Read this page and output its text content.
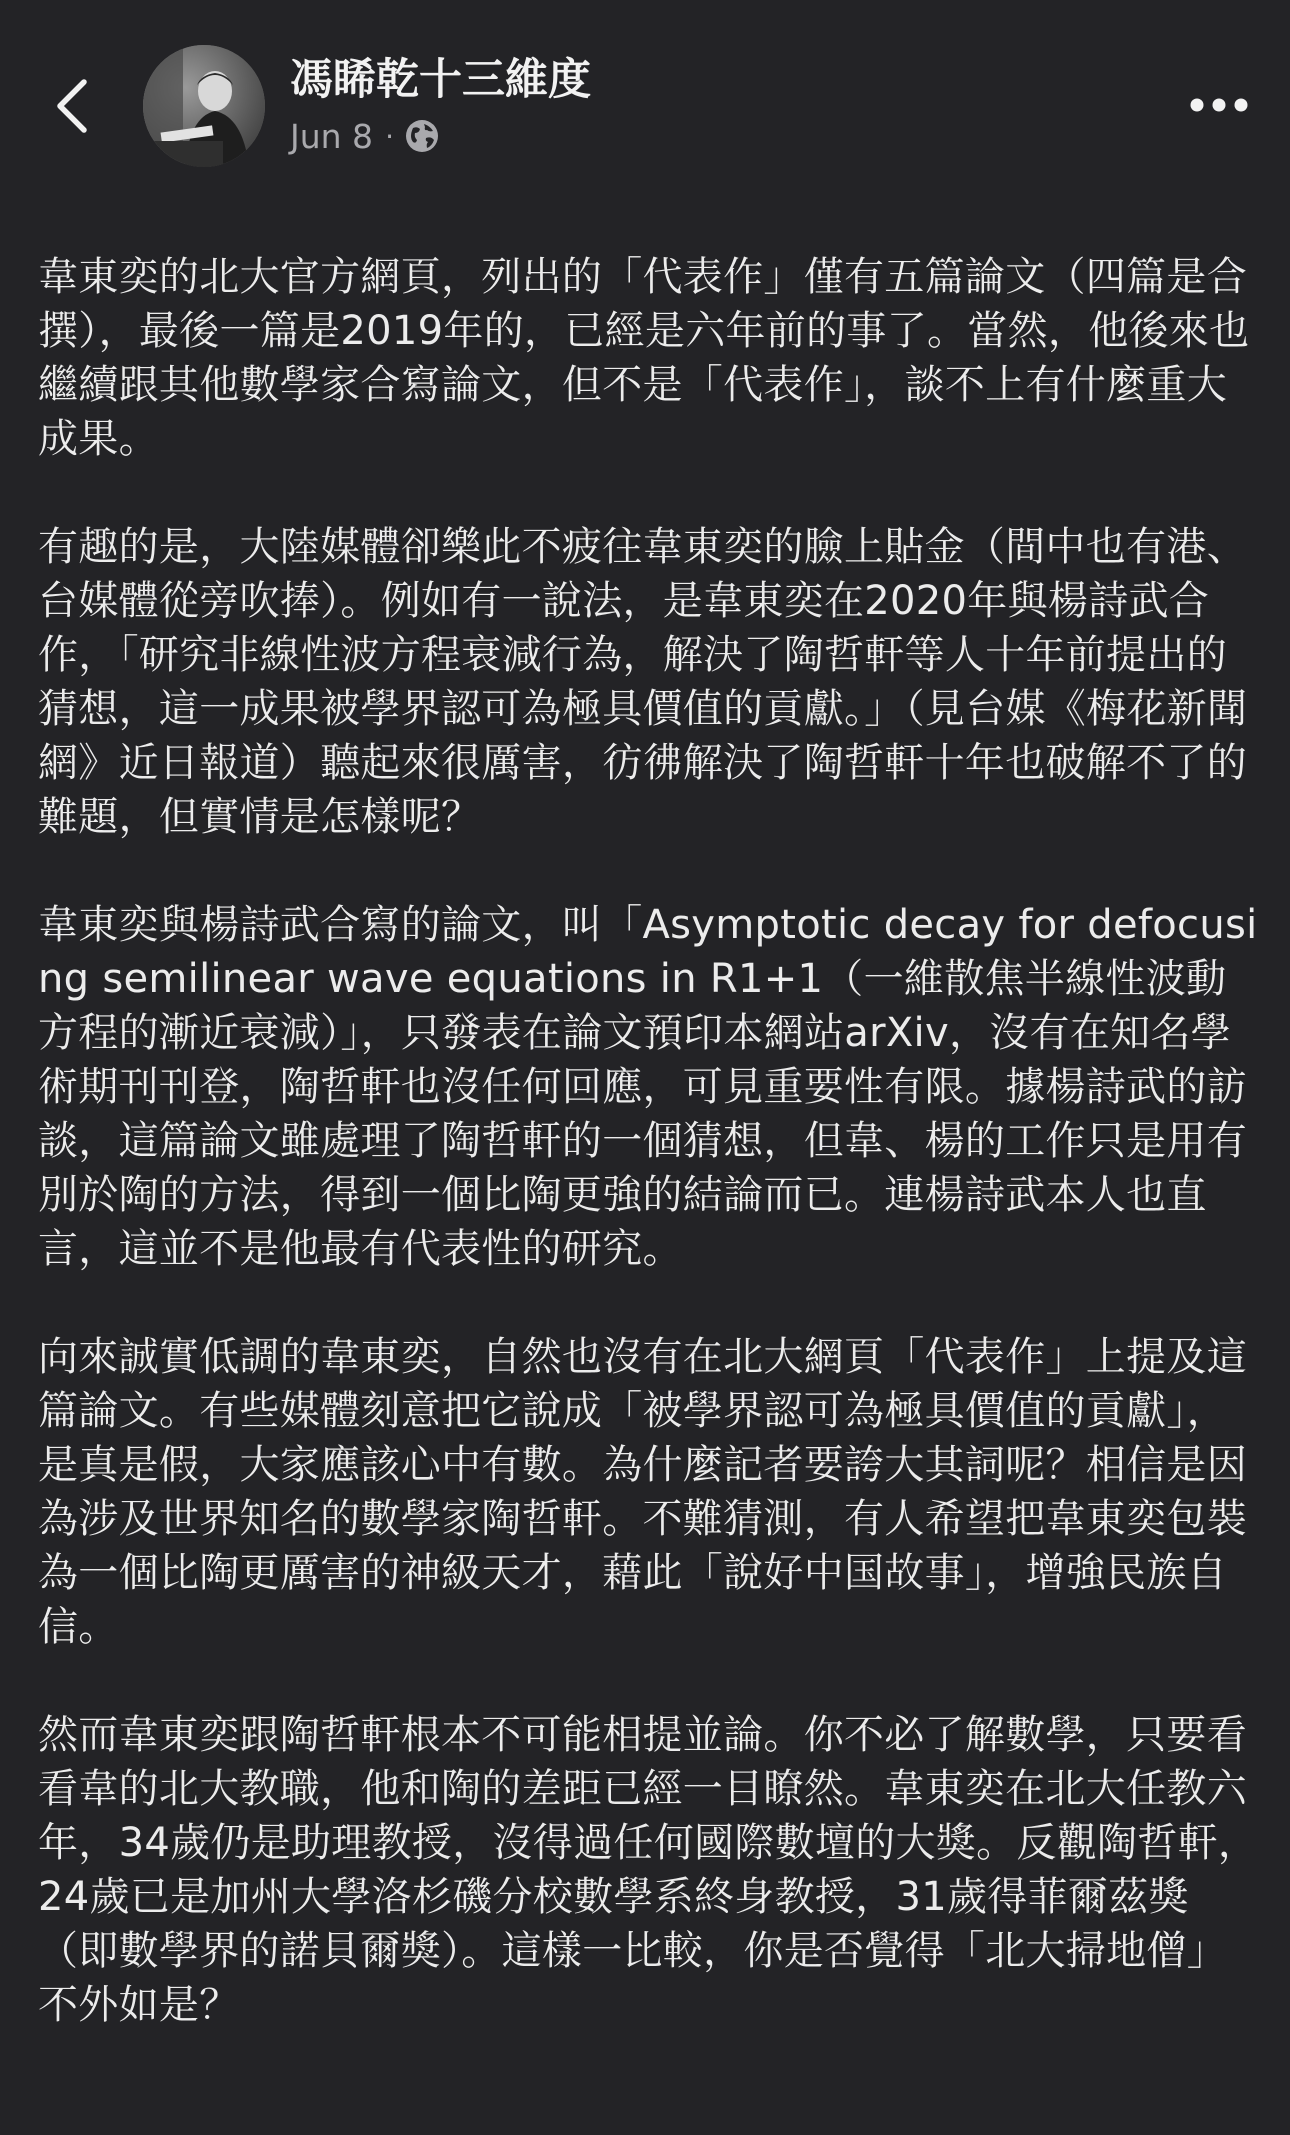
馮睎乾十三維度
Jun 8 ·

韋東奕的北大官方網頁，列出的「代表作」僅有五篇論文（四篇是合撰），最後一篇是2019年的，已經是六年前的事了。當然，他後來也繼續跟其他數學家合寫論文，但不是「代表作」，談不上有什麼重大成果。

有趣的是，大陸媒體卻樂此不疲往韋東奕的臉上貼金（間中也有港、台媒體從旁吹捧）。例如有一說法，是韋東奕在2020年與楊詩武合作，「研究非線性波方程衰減行為，解決了陶哲軒等人十年前提出的猜想，這一成果被學界認可為極具價值的貢獻。」（見台媒《梅花新聞網》近日報道）聽起來很厲害，彷彿解決了陶哲軒十年也破解不了的難題，但實情是怎樣呢？

韋東奕與楊詩武合寫的論文，叫「Asymptotic decay for defocusing semilinear wave equations in R1+1（一維散焦半線性波動方程的漸近衰減）」，只發表在論文預印本網站arXiv，沒有在知名學術期刊刊登，陶哲軒也沒任何回應，可見重要性有限。據楊詩武的訪談，這篇論文雖處理了陶哲軒的一個猜想，但韋、楊的工作只是用有別於陶的方法，得到一個比陶更強的結論而已。連楊詩武本人也直言，這並不是他最有代表性的研究。

向來誠實低調的韋東奕，自然也沒有在北大網頁「代表作」上提及這篇論文。有些媒體刻意把它說成「被學界認可為極具價值的貢獻」，是真是假，大家應該心中有數。為什麼記者要誇大其詞呢？相信是因為涉及世界知名的數學家陶哲軒。不難猜測，有人希望把韋東奕包裝為一個比陶更厲害的神級天才，藉此「說好中国故事」，增強民族自信。

然而韋東奕跟陶哲軒根本不可能相提並論。你不必了解數學，只要看看韋的北大教職，他和陶的差距已經一目瞭然。韋東奕在北大任教六年，34歲仍是助理教授，沒得過任何國際數壇的大獎。反觀陶哲軒，24歲已是加州大學洛杉磯分校數學系終身教授，31歲得菲爾茲獎（即數學界的諾貝爾獎）。這樣一比較，你是否覺得「北大掃地僧」不外如是？
